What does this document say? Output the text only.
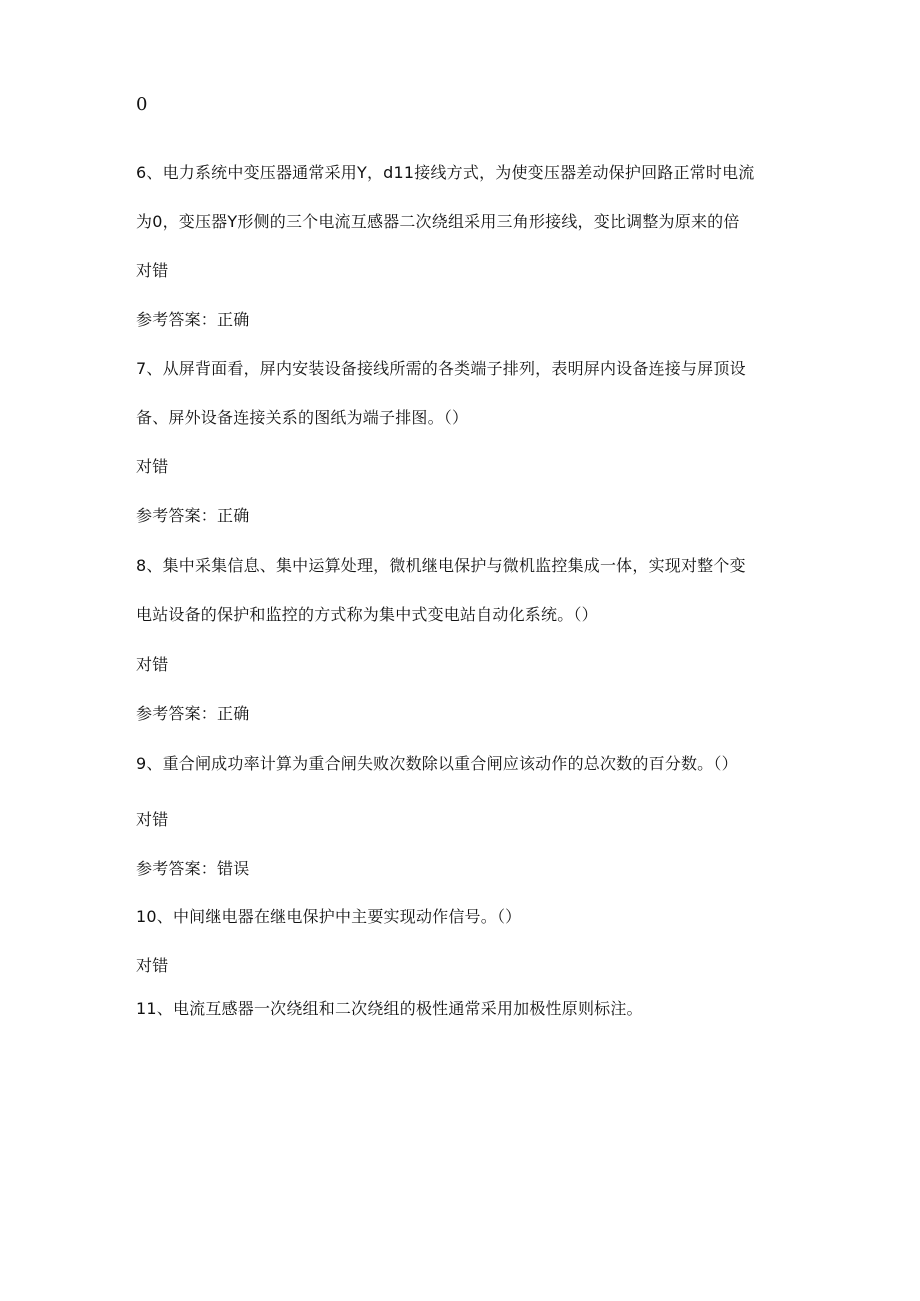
0
6、电力系统中变压器通常采用Y，d11接线方式，为使变压器差动保护回路正常时电流
为0，变压器Y形侧的三个电流互感器二次绕组采用三角形接线，变比调整为原来的倍
对错
参考答案：正确
7、从屏背面看，屏内安装设备接线所需的各类端子排列，表明屏内设备连接与屏顶设
备、屏外设备连接关系的图纸为端子排图。（）
对错
参考答案：正确
8、集中采集信息、集中运算处理，微机继电保护与微机监控集成一体，实现对整个变
电站设备的保护和监控的方式称为集中式变电站自动化系统。（）
对错
参考答案：正确
9、重合闸成功率计算为重合闸失败次数除以重合闸应该动作的总次数的百分数。（）
对错
参考答案：错误
10、中间继电器在继电保护中主要实现动作信号。（）
对错
11、电流互感器一次绕组和二次绕组的极性通常采用加极性原则标注。
